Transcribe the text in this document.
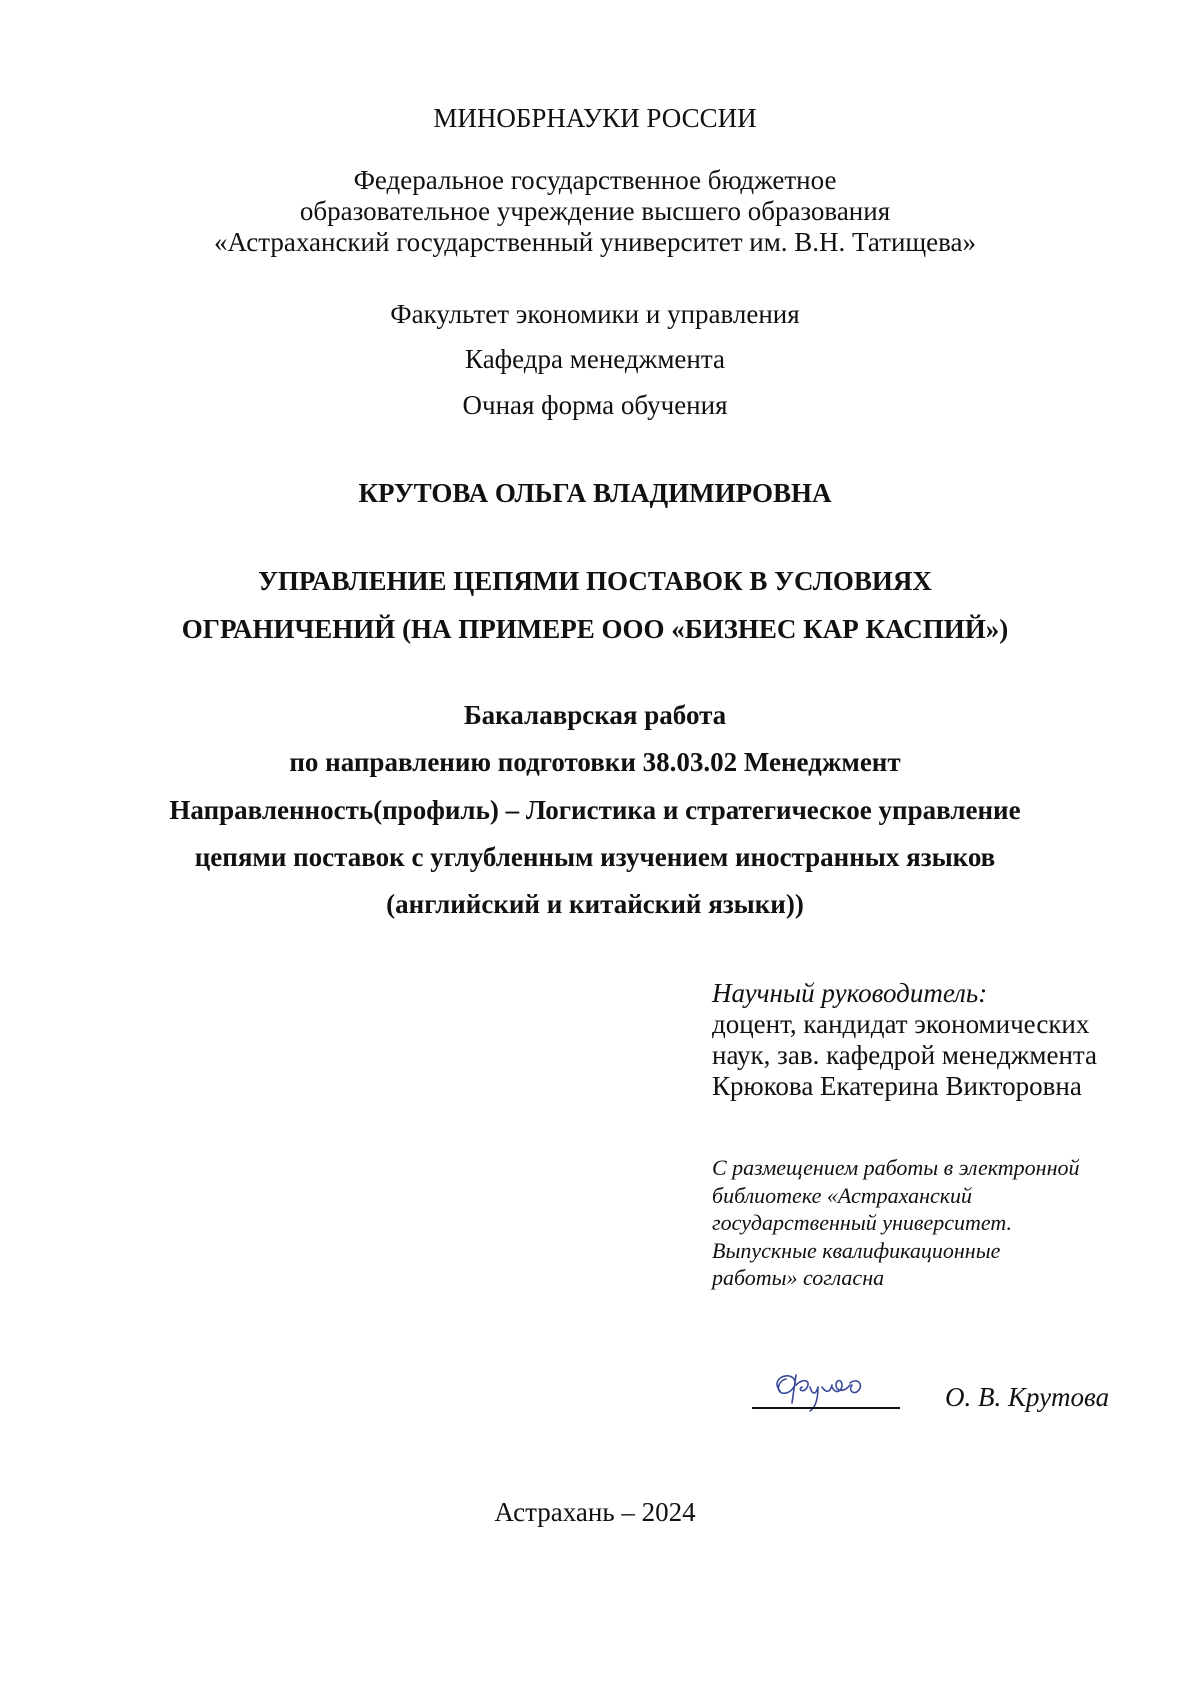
МИНОБРНАУКИ РОССИИ
Федеральное государственное бюджетное
образовательное учреждение высшего образования
«Астраханский государственный университет им. В.Н. Татищева»
Факультет экономики и управления
Кафедра менеджмента
Очная форма обучения
КРУТОВА ОЛЬГА ВЛАДИМИРОВНА
УПРАВЛЕНИЕ ЦЕПЯМИ ПОСТАВОК В УСЛОВИЯХ
ОГРАНИЧЕНИЙ (НА ПРИМЕРЕ ООО «БИЗНЕС КАР КАСПИЙ»)
Бакалаврская работа
по направлению подготовки 38.03.02 Менеджмент
Направленность(профиль) – Логистика и стратегическое управление
цепями поставок с углубленным изучением иностранных языков
(английский и китайский языки))
Научный руководитель:
доцент, кандидат экономических
наук, зав. кафедрой менеджмента
Крюкова Екатерина Викторовна
С размещением работы в электронной
библиотеке «Астраханский
государственный университет.
Выпускные квалификационные
работы» согласна
О. В. Крутова
Астрахань – 2024
